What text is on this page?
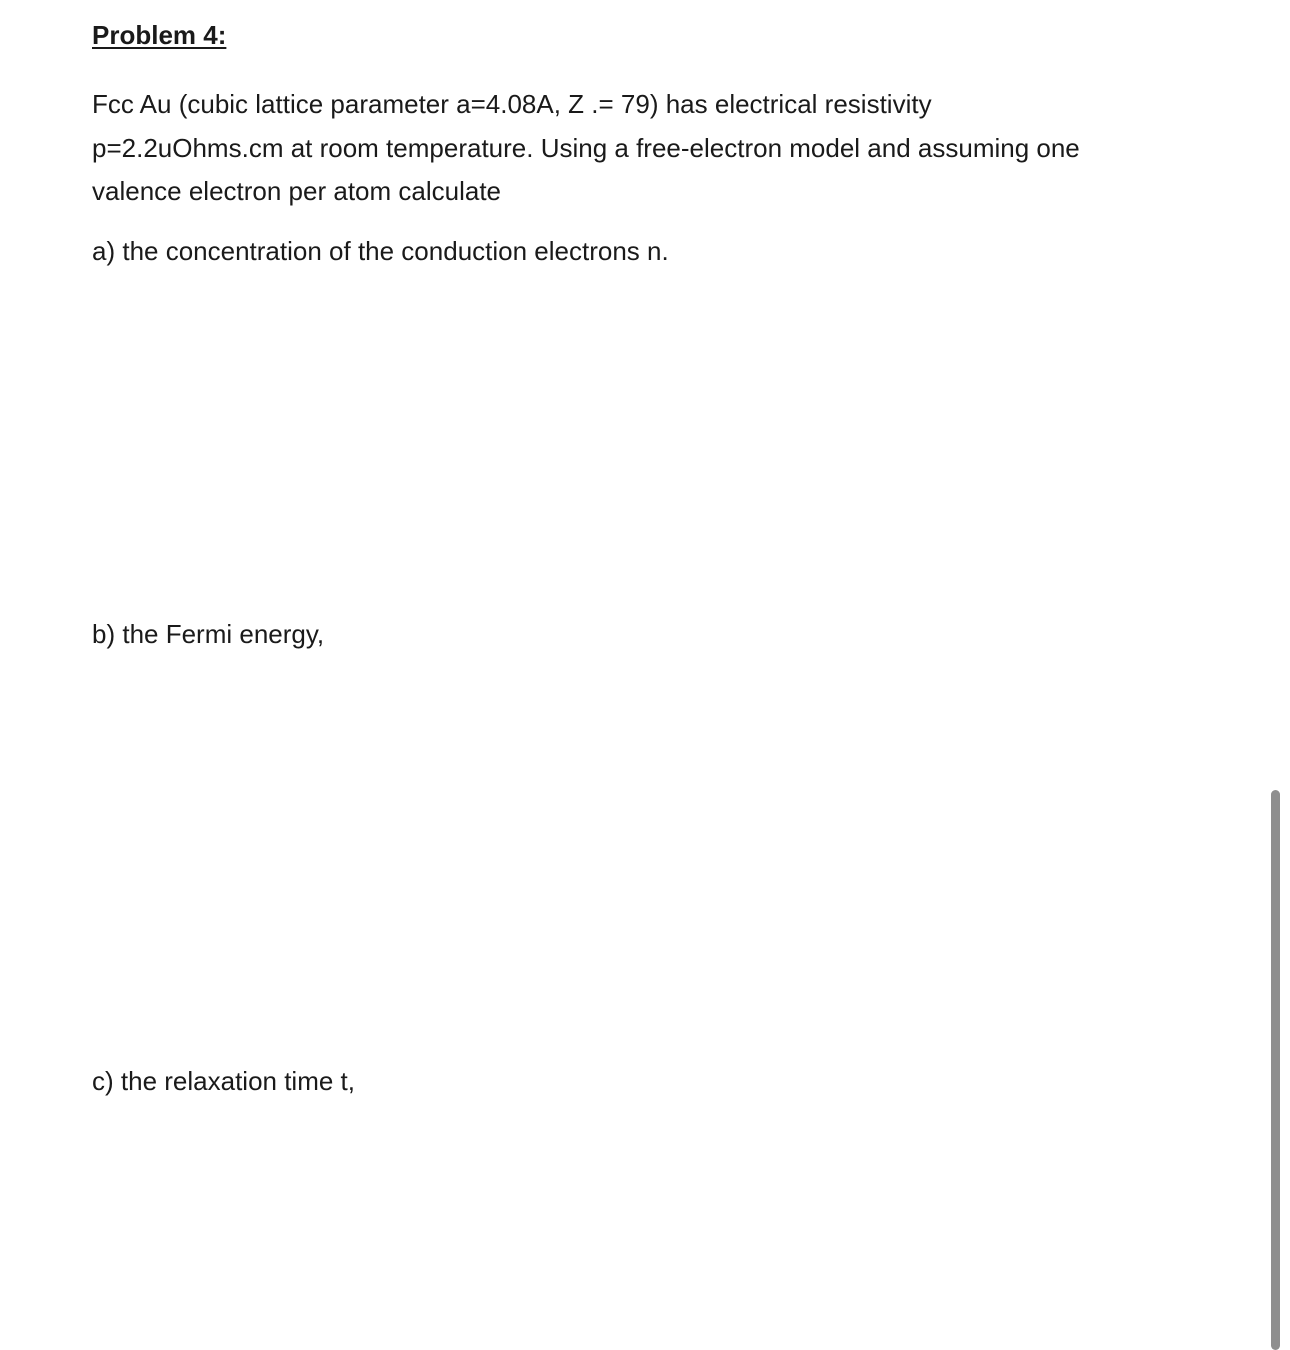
Problem 4:

Fcc Au (cubic lattice parameter a=4.08A, Z .= 79) has electrical resistivity
p=2.2uOhms.cm at room temperature. Using a free-electron model and assuming one
valence electron per atom calculate

a) the concentration of the conduction electrons n.

b) the Fermi energy,

c) the relaxation time t,
